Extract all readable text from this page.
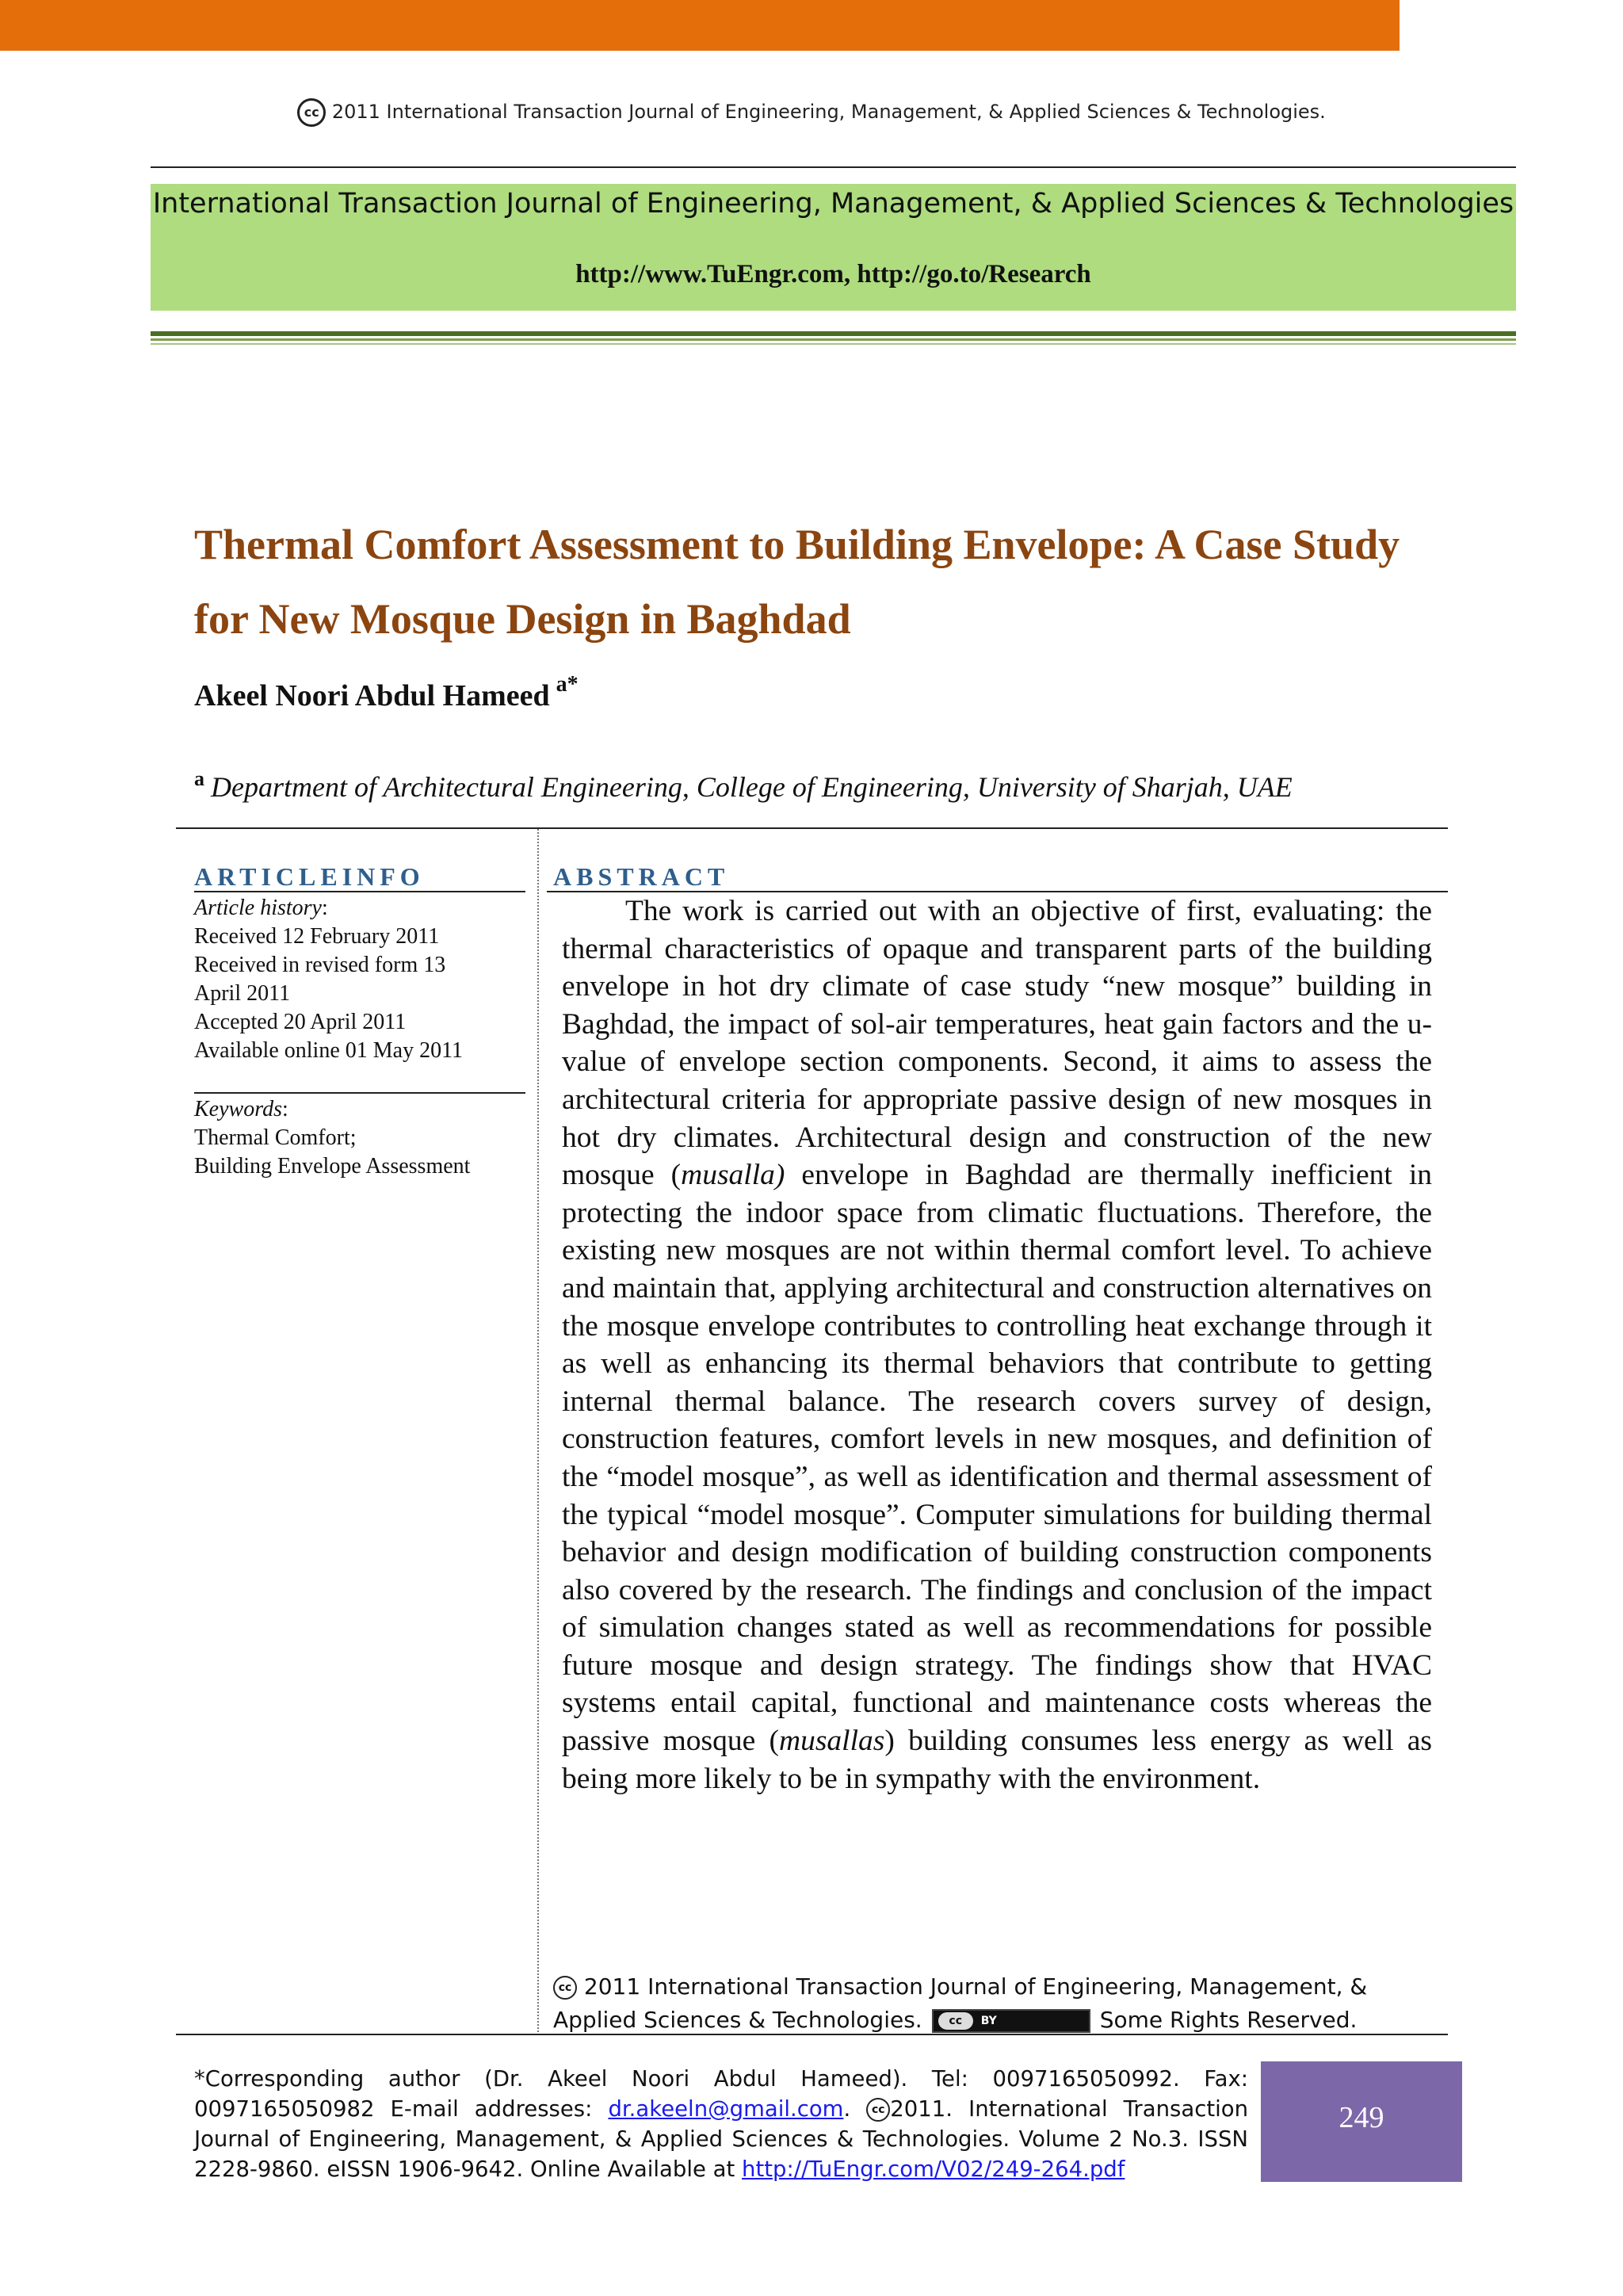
cc 2011 International Transaction Journal of Engineering, Management, & Applied Sciences & Technologies.
International Transaction Journal of Engineering, Management, & Applied Sciences & Technologies
http://www.TuEngr.com, http://go.to/Research
Thermal Comfort Assessment to Building Envelope: A Case Study
for New Mosque Design in Baghdad
Akeel Noori Abdul Hameed $^{a*}$
$^a$ Department of Architectural Engineering, College of Engineering, University of Sharjah, UAE
ARTICLEINFO	ABSTRACT
Article history:
Received 12 February 2011
Received in revised form 13
April 2011
Accepted 20 April 2011
Available online 01 May 2011
Keywords:
Thermal Comfort;
Building Envelope Assessment

The work is carried out with an objective of first, evaluating: the thermal characteristics of opaque and transparent parts of the building envelope in hot dry climate of case study “new mosque” building in Baghdad, the impact of sol-air temperatures, heat gain factors and the u-value of envelope section components. Second, it aims to assess the architectural criteria for appropriate passive design of new mosques in hot dry climates. Architectural design and construction of the new mosque (musalla) envelope in Baghdad are thermally inefficient in protecting the indoor space from climatic fluctuations. Therefore, the existing new mosques are not within thermal comfort level. To achieve and maintain that, applying architectural and construction alternatives on the mosque envelope contributes to controlling heat exchange through it as well as enhancing its thermal behaviors that contribute to getting internal thermal balance. The research covers survey of design, construction features, comfort levels in new mosques, and definition of the “model mosque”, as well as identification and thermal assessment of the typical “model mosque”. Computer simulations for building thermal behavior and design modification of building construction components also covered by the research. The findings and conclusion of the impact of simulation changes stated as well as recommendations for possible future mosque and design strategy. The findings show that HVAC systems entail capital, functional and maintenance costs whereas the passive mosque (musallas) building consumes less energy as well as being more likely to be in sympathy with the environment.

cc 2011 International Transaction Journal of Engineering, Management, &
Applied Sciences & Technologies.	cc	BY	Some Rights Reserved.
*Corresponding author (Dr. Akeel Noori Abdul Hameed). Tel: 0097165050992. Fax: 0097165050982 E-mail addresses: dr.akeeln@gmail.com. cc 2011. International Transaction Journal of Engineering, Management, & Applied Sciences & Technologies. Volume 2 No.3. ISSN 2228-9860. eISSN 1906-9642. Online Available at http://TuEngr.com/V02/249-264.pdf
249
